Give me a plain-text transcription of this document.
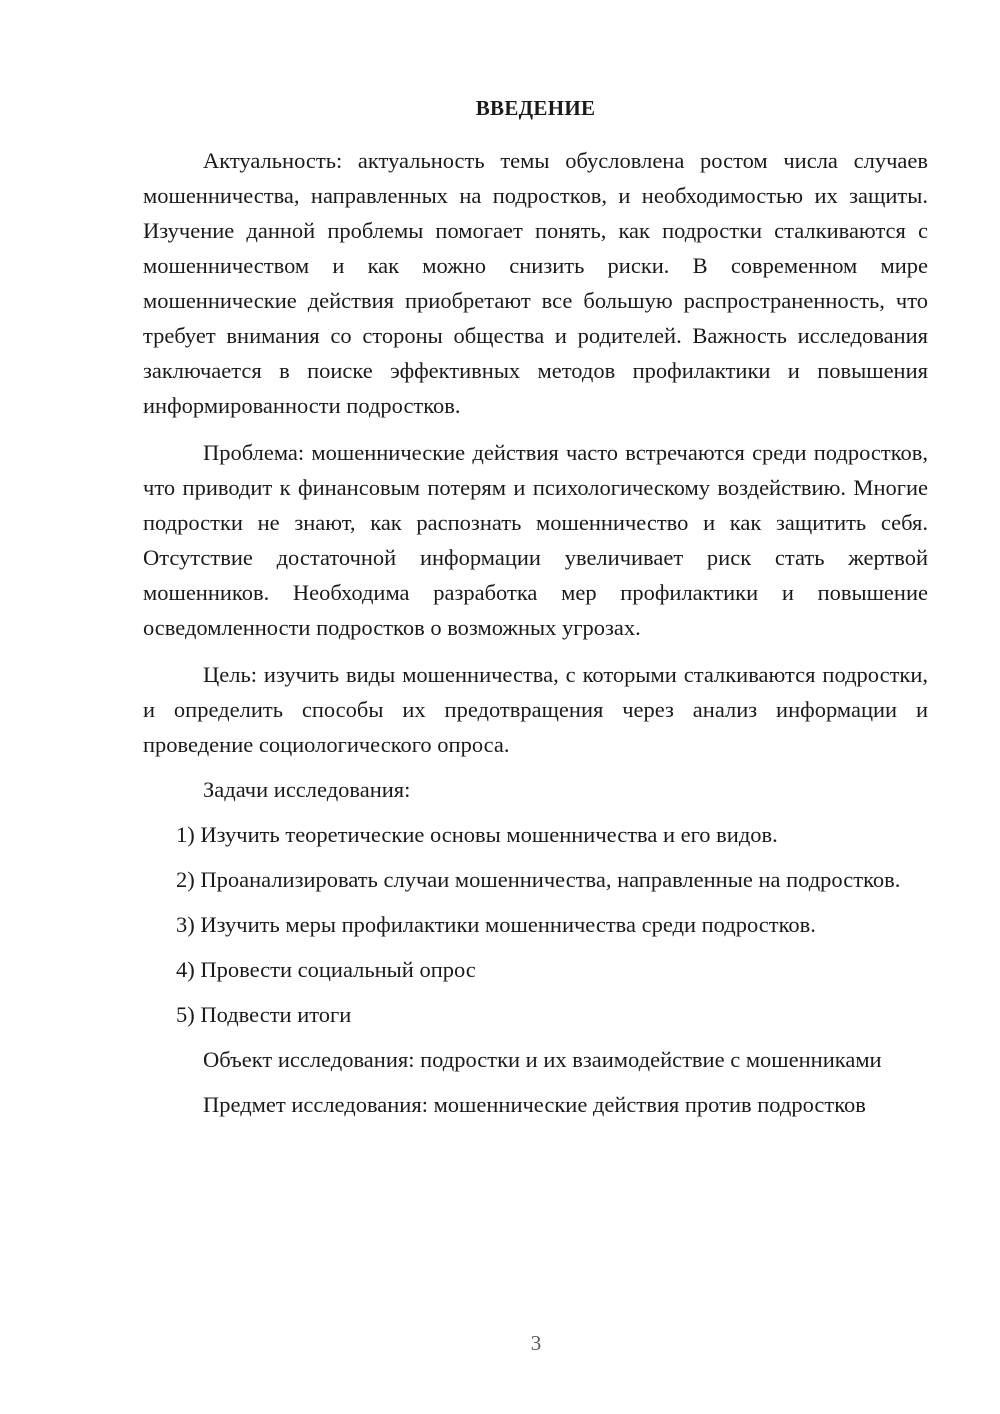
ВВЕДЕНИЕ

Актуальность: актуальность темы обусловлена ростом числа случаев мошенничества, направленных на подростков, и необходимостью их защиты. Изучение данной проблемы помогает понять, как подростки сталкиваются с мошенничеством и как можно снизить риски. В современном мире мошеннические действия приобретают все большую распространенность, что требует внимания со стороны общества и родителей. Важность исследования заключается в поиске эффективных методов профилактики и повышения информированности подростков.

Проблема: мошеннические действия часто встречаются среди подростков, что приводит к финансовым потерям и психологическому воздействию. Многие подростки не знают, как распознать мошенничество и как защитить себя. Отсутствие достаточной информации увеличивает риск стать жертвой мошенников. Необходима разработка мер профилактики и повышение осведомленности подростков о возможных угрозах.

Цель: изучить виды мошенничества, с которыми сталкиваются подростки, и определить способы их предотвращения через анализ информации и проведение социологического опроса.

Задачи исследования:

1) Изучить теоретические основы мошенничества и его видов.

2) Проанализировать случаи мошенничества, направленные на подростков.

3) Изучить меры профилактики мошенничества среди подростков.

4) Провести социальный опрос

5) Подвести итоги

Объект исследования: подростки и их взаимодействие с мошенниками

Предмет исследования: мошеннические действия против подростков

3
